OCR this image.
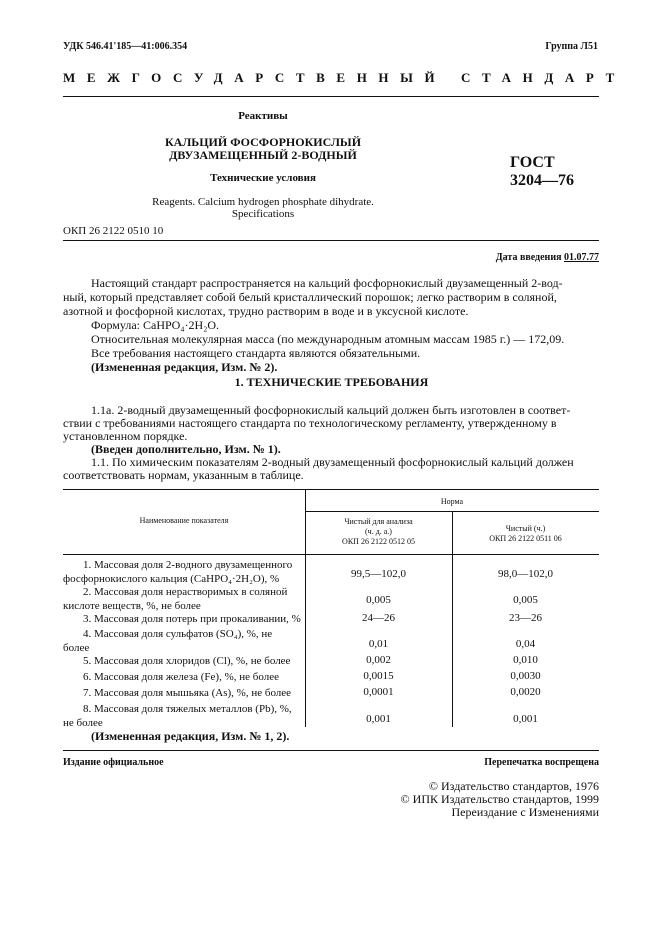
УДК 546.41'185—41:006.354	Группа Л51
МЕЖГОСУДАРСТВЕННЫЙ СТАНДАРТ
Реактивы
КАЛЬЦИЙ ФОСФОРНОКИСЛЫЙ
ДВУЗАМЕЩЕННЫЙ 2-ВОДНЫЙ
Технические условия
Reagents. Calcium hydrogen phosphate dihydrate.
Specifications
ГОСТ
3204—76
ОКП 26 2122 0510 10
Дата введения 01.07.77
Настоящий стандарт распространяется на кальций фосфорнокислый двузамещенный 2-вод-
ный, который представляет собой белый кристаллический порошок; легко растворим в соляной,
азотной и фосфорной кислотах, трудно растворим в воде и в уксусной кислоте.
Формула: CaHPO₄·2H₂O.
Относительная молекулярная масса (по международным атомным массам 1985 г.) — 172,09.
Все требования настоящего стандарта являются обязательными.
(Измененная редакция, Изм. № 2).
1. ТЕХНИЧЕСКИЕ ТРЕБОВАНИЯ
1.1а. 2-водный двузамещенный фосфорнокислый кальций должен быть изготовлен в соответ-
ствии с требованиями настоящего стандарта по технологическому регламенту, утвержденному в
установленном порядке.
(Введен дополнительно, Изм. № 1).
1.1. По химическим показателям 2-водный двузамещенный фосфорнокислый кальций должен
соответствовать нормам, указанным в таблице.
Наименование показателя
Норма
Чистый для анализа
(ч. д. а.)
ОКП 26 2122 0512 05
Чистый (ч.)
ОКП 26 2122 0511 06
1. Массовая доля 2-водного двузамещенного
фосфорнокислого кальция (CaHPO₄·2H₂O), %	99,5—102,0	98,0—102,0
2. Массовая доля нерастворимых в соляной
кислоте веществ, %, не более	0,005	0,005
3. Массовая доля потерь при прокаливании, %	24—26	23—26
4. Массовая доля сульфатов (SO₄), %, не
более	0,01	0,04
5. Массовая доля хлоридов (Cl), %, не более	0,002	0,010
6. Массовая доля железа (Fe), %, не более	0,0015	0,0030
7. Массовая доля мышьяка (As), %, не более	0,0001	0,0020
8. Массовая доля тяжелых металлов (Pb), %,
не более	0,001	0,001
(Измененная редакция, Изм. № 1, 2).
Издание официальное	Перепечатка воспрещена
© Издательство стандартов, 1976
© ИПК Издательство стандартов, 1999
Переиздание с Изменениями
